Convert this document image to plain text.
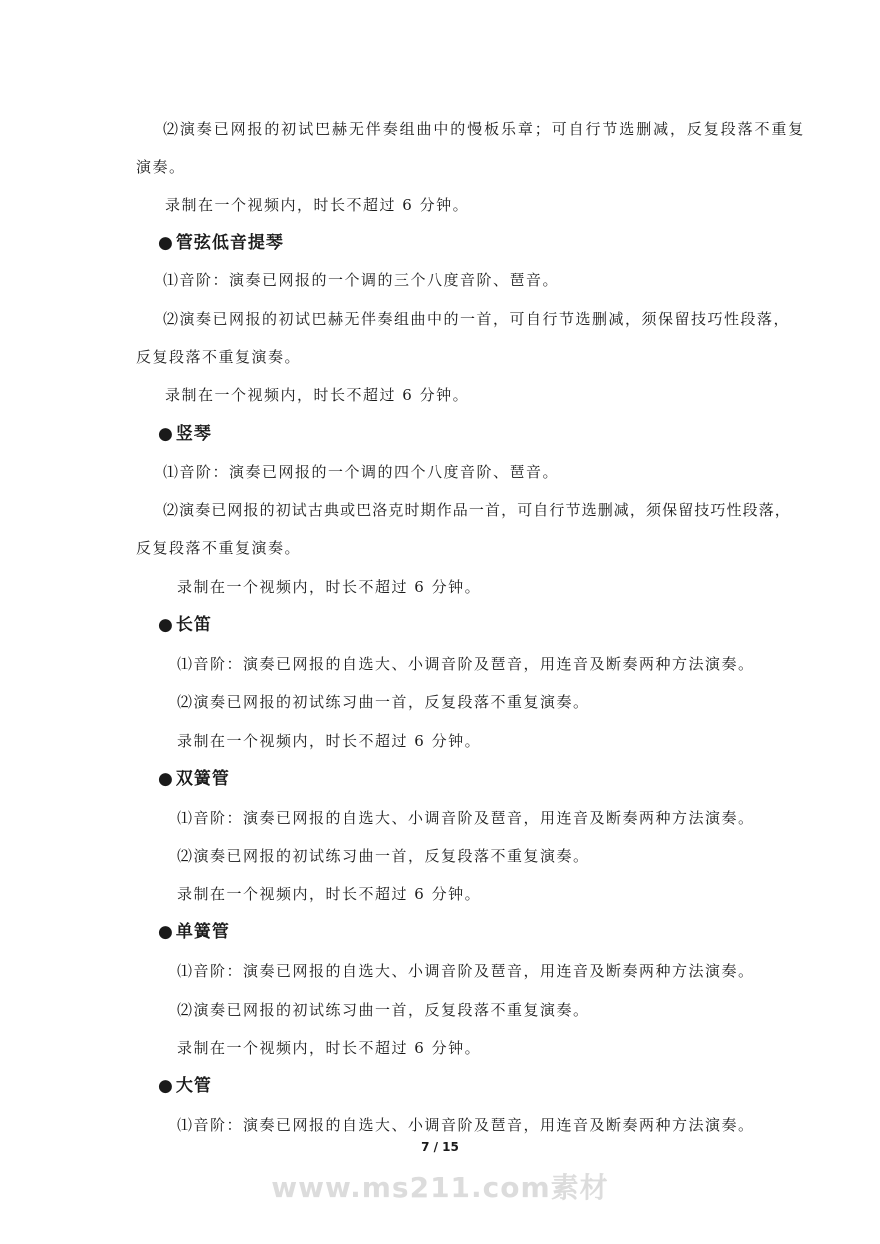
⑵演奏已网报的初试巴赫无伴奏组曲中的慢板乐章；可自行节选删减，反复段落不重复
演奏。
录制在一个视频内，时长不超过 6 分钟。
● 管弦低音提琴
⑴音阶：演奏已网报的一个调的三个八度音阶、琶音。
⑵演奏已网报的初试巴赫无伴奏组曲中的一首，可自行节选删减，须保留技巧性段落，
反复段落不重复演奏。
录制在一个视频内，时长不超过 6 分钟。
● 竖琴
⑴音阶：演奏已网报的一个调的四个八度音阶、琶音。
⑵演奏已网报的初试古典或巴洛克时期作品一首，可自行节选删减，须保留技巧性段落，
反复段落不重复演奏。
录制在一个视频内，时长不超过 6 分钟。
● 长笛
⑴音阶：演奏已网报的自选大、小调音阶及琶音，用连音及断奏两种方法演奏。
⑵演奏已网报的初试练习曲一首，反复段落不重复演奏。
录制在一个视频内，时长不超过 6 分钟。
● 双簧管
⑴音阶：演奏已网报的自选大、小调音阶及琶音，用连音及断奏两种方法演奏。
⑵演奏已网报的初试练习曲一首，反复段落不重复演奏。
录制在一个视频内，时长不超过 6 分钟。
● 单簧管
⑴音阶：演奏已网报的自选大、小调音阶及琶音，用连音及断奏两种方法演奏。
⑵演奏已网报的初试练习曲一首，反复段落不重复演奏。
录制在一个视频内，时长不超过 6 分钟。
● 大管
⑴音阶：演奏已网报的自选大、小调音阶及琶音，用连音及断奏两种方法演奏。
7 / 15
www.ms211.com素材
